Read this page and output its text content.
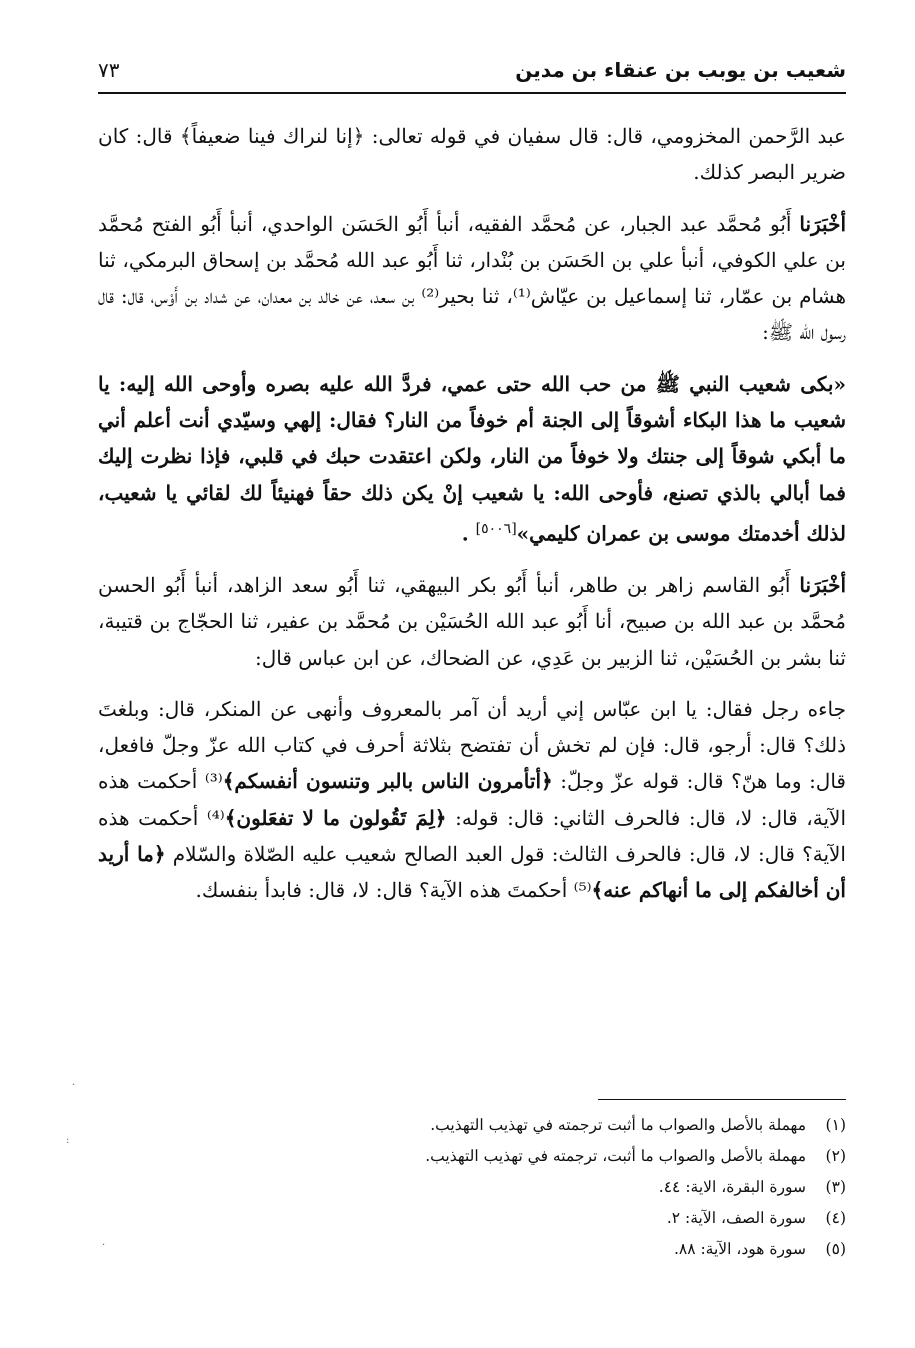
شعيب بن يوبب بن عنقاء بن مدين
٧٣

عبد الرَّحمن المخزومي، قال: قال سفيان في قوله تعالى: ﴿إنا لنراك فينا ضعيفاً﴾ قال: كان ضرير البصر كذلك.

أخْبَرَنا أَبُو مُحمَّد عبد الجبار، عن مُحمَّد الفقيه، أنبأ أَبُو الحَسَن الواحدي، أنبأ أَبُو الفتح مُحمَّد بن علي الكوفي، أنبأ علي بن الحَسَن بن بُنْدار، ثنا أَبُو عبد الله مُحمَّد بن إسحاق البرمكي، ثنا هشام بن عمّار، ثنا إسماعيل بن عيّاش⁽¹⁾، ثنا بحير⁽²⁾ بن سعد، عن خالد بن معدان، عن شداد بن أَوْس، قال: قال رسول الله ﷺ:

«بكى شعيب النبي ﷺ من حب الله حتى عمي، فردَّ الله عليه بصره وأوحى الله إليه: يا شعيب ما هذا البكاء أشوقاً إلى الجنة أم خوفاً من النار؟ فقال: إلهي وسيّدي أنت أعلم أني ما أبكي شوقاً إلى جنتك ولا خوفاً من النار، ولكن اعتقدت حبك في قلبي، فإذا نظرت إليك فما أبالي بالذي تصنع، فأوحى الله: يا شعيب إنْ يكن ذلك حقاً فهنيئاً لك لقائي يا شعيب، لذلك أخدمتك موسى بن عمران كليمي»[٥٠٠٦] .

أخْبَرَنا أَبُو القاسم زاهر بن طاهر، أنبأ أَبُو بكر البيهقي، ثنا أَبُو سعد الزاهد، أنبأ أَبُو الحسن مُحمَّد بن عبد الله بن صبيح، أنا أَبُو عبد الله الحُسَيْن بن مُحمَّد بن عفير، ثنا الحجّاج بن قتيبة، ثنا بشر بن الحُسَيْن، ثنا الزبير بن عَدِي، عن الضحاك، عن ابن عباس قال:

جاءه رجل فقال: يا ابن عبّاس إني أريد أن آمر بالمعروف وأنهى عن المنكر، قال: وبلغتَ ذلك؟ قال: أرجو، قال: فإن لم تخش أن تفتضح بثلاثة أحرف في كتاب الله عزّ وجلّ فافعل، قال: وما هنّ؟ قال: قوله عزّ وجلّ: ﴿أتأمرون الناس بالبر وتنسون أنفسكم﴾⁽³⁾ أحكمت هذه الآية، قال: لا، قال: فالحرف الثاني: قال: قوله: ﴿لِمَ تَقُولون ما لا تفعَلون﴾⁽⁴⁾ أحكمت هذه الآية؟ قال: لا، قال: فالحرف الثالث: قول العبد الصالح شعيب عليه الصّلاة والسّلام ﴿ما أريد أن أخالفكم إلى ما أنهاكم عنه﴾⁽⁵⁾ أحكمتَ هذه الآية؟ قال: لا، قال: فابدأ بنفسك.

(١)مهملة بالأصل والصواب ما أثبت ترجمته في تهذيب التهذيب.
(٢)مهملة بالأصل والصواب ما أثبت، ترجمته في تهذيب التهذيب.
(٣)سورة البقرة، الاية: ٤٤.
(٤)سورة الصف، الآية: ٢.
(٥)سورة هود، الآية: ٨٨.
·
:
·
